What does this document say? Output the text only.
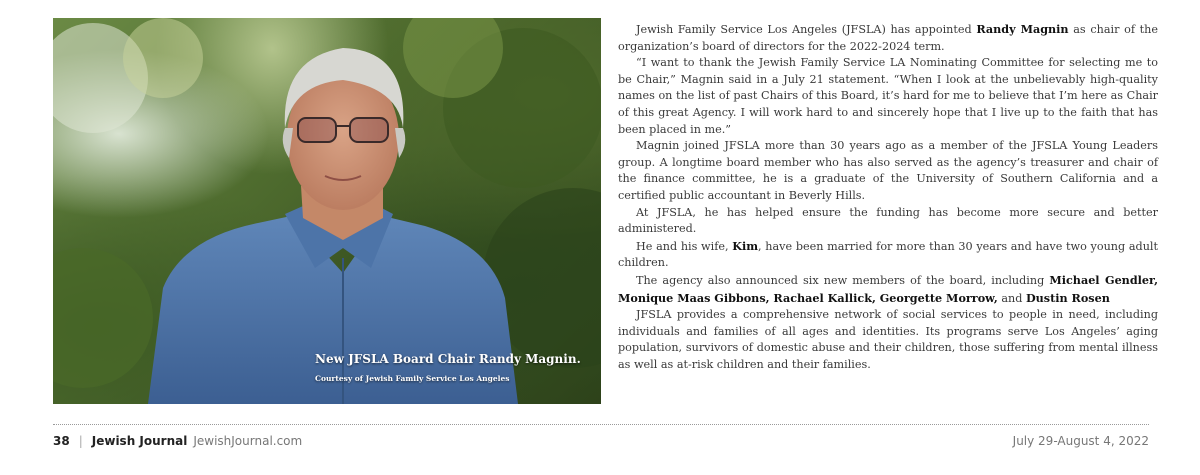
New JFSLA Board Chair Randy Magnin.
Courtesy of Jewish Family Service Los Angeles

Jewish Family Service Los Angeles (JFSLA) has appointed Randy Magnin as chair of the organization’s board of directors for the 2022-2024 term.

“I want to thank the Jewish Family Service LA Nominating Committee for selecting me to be Chair,” Magnin said in a July 21 statement. “When I look at the unbelievably high-quality names on the list of past Chairs of this Board, it’s hard for me to believe that I’m here as Chair of this great Agency. I will work hard to and sincerely hope that I live up to the faith that has been placed in me.”

Magnin joined JFSLA more than 30 years ago as a member of the JFSLA Young Leaders group. A longtime board member who has also served as the agency’s treasurer and chair of the finance committee, he is a graduate of the University of Southern California and a certified public accountant in Beverly Hills.

At JFSLA, he has helped ensure the funding has become more secure and better administered.

He and his wife, Kim, have been married for more than 30 years and have two young adult children.

The agency also announced six new members of the board, including Michael Gendler, Monique Maas Gibbons, Rachael Kallick, Georgette Morrow, and Dustin Rosen

JFSLA provides a comprehensive network of social services to people in need, including individuals and families of all ages and identities. Its programs serve Los Angeles’ aging population, survivors of domestic abuse and their children, those suffering from mental illness as well as at-risk children and their families.

38 | Jewish Journal JewishJournal.com	July 29-August 4, 2022
